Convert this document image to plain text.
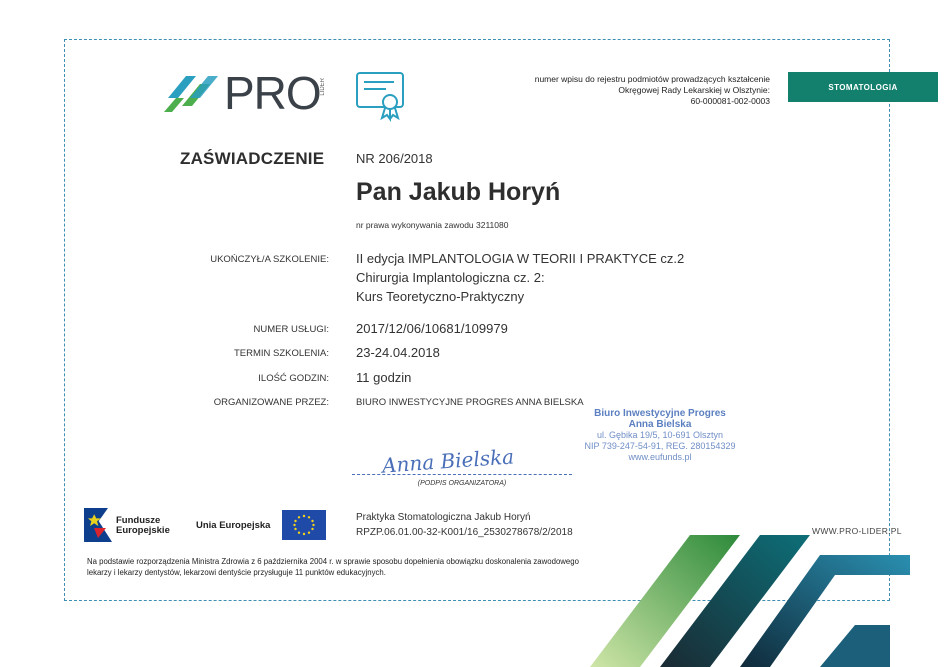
PRO LIDER	numer wpisu do rejestru podmiotów prowadzących kształcenie
Okręgowej Rady Lekarskiej w Olsztynie:
60-000081-002-0003
STOMATOLOGIA
ZAŚWIADCZENIE NR 206/2018
Pan Jakub Horyń
nr prawa wykonywania zawodu 3211080
UKOŃCZYŁ/A SZKOLENIE: II edycja IMPLANTOLOGIA W TEORII I PRAKTYCE cz.2
Chirurgia Implantologiczna cz. 2:
Kurs Teoretyczno-Praktyczny
NUMER USŁUGI: 2017/12/06/10681/109979
TERMIN SZKOLENIA: 23-24.04.2018
ILOŚĆ GODZIN: 11 godzin
ORGANIZOWANE PRZEZ:	BIURO INWESTYCYJNE PROGRES ANNA BIELSKA
Biuro Inwestycyjne Progres
Anna Bielska
ul. Gębika 19/5, 10-691 Olsztyn
NIP 739-247-54-91, REG. 280154329
www.eufunds.pl
Anna Bielska
(PODPIS ORGANIZATORA)
Fundusze
Europejskie	Unia Europejska
Praktyka Stomatologiczna Jakub Horyń
RPZP.06.01.00-32-K001/16_2530278678/2/2018	WWW.PRO-LIDER.PL
Na podstawie rozporządzenia Ministra Zdrowia z 6 października 2004 r. w sprawie sposobu dopełnienia obowiązku doskonalenia zawodowego
lekarzy i lekarzy dentystów, lekarzowi dentyście przysługuje 11 punktów edukacyjnych.
